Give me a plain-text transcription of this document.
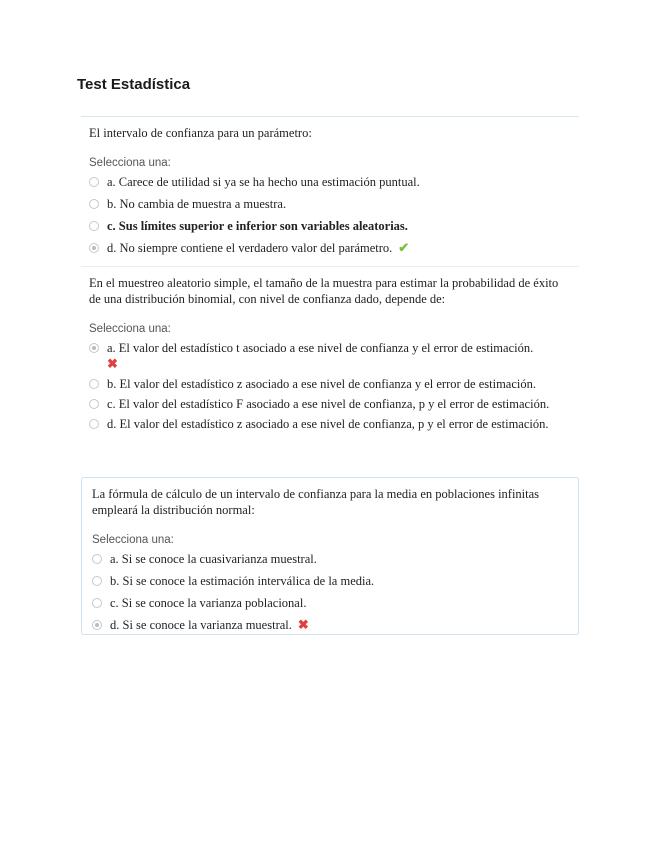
Test Estadística

El intervalo de confianza para un parámetro:

Selecciona una:
a. Carece de utilidad si ya se ha hecho una estimación puntual.
b. No cambia de muestra a muestra.
c. Sus límites superior e inferior son variables aleatorias.
d. No siempre contiene el verdadero valor del parámetro. ✔

En el muestreo aleatorio simple, el tamaño de la muestra para estimar la probabilidad de éxito de una distribución binomial, con nivel de confianza dado, depende de:

Selecciona una:
a. El valor del estadístico t asociado a ese nivel de confianza y el error de estimación.
✖
b. El valor del estadístico z asociado a ese nivel de confianza y el error de estimación.
c. El valor del estadístico F asociado a ese nivel de confianza, p y el error de estimación.
d. El valor del estadístico z asociado a ese nivel de confianza, p y el error de estimación.

La fórmula de cálculo de un intervalo de confianza para la media en poblaciones infinitas empleará la distribución normal:

Selecciona una:
a. Si se conoce la cuasivarianza muestral.
b. Si se conoce la estimación interválica de la media.
c. Si se conoce la varianza poblacional.
d. Si se conoce la varianza muestral. ✖
